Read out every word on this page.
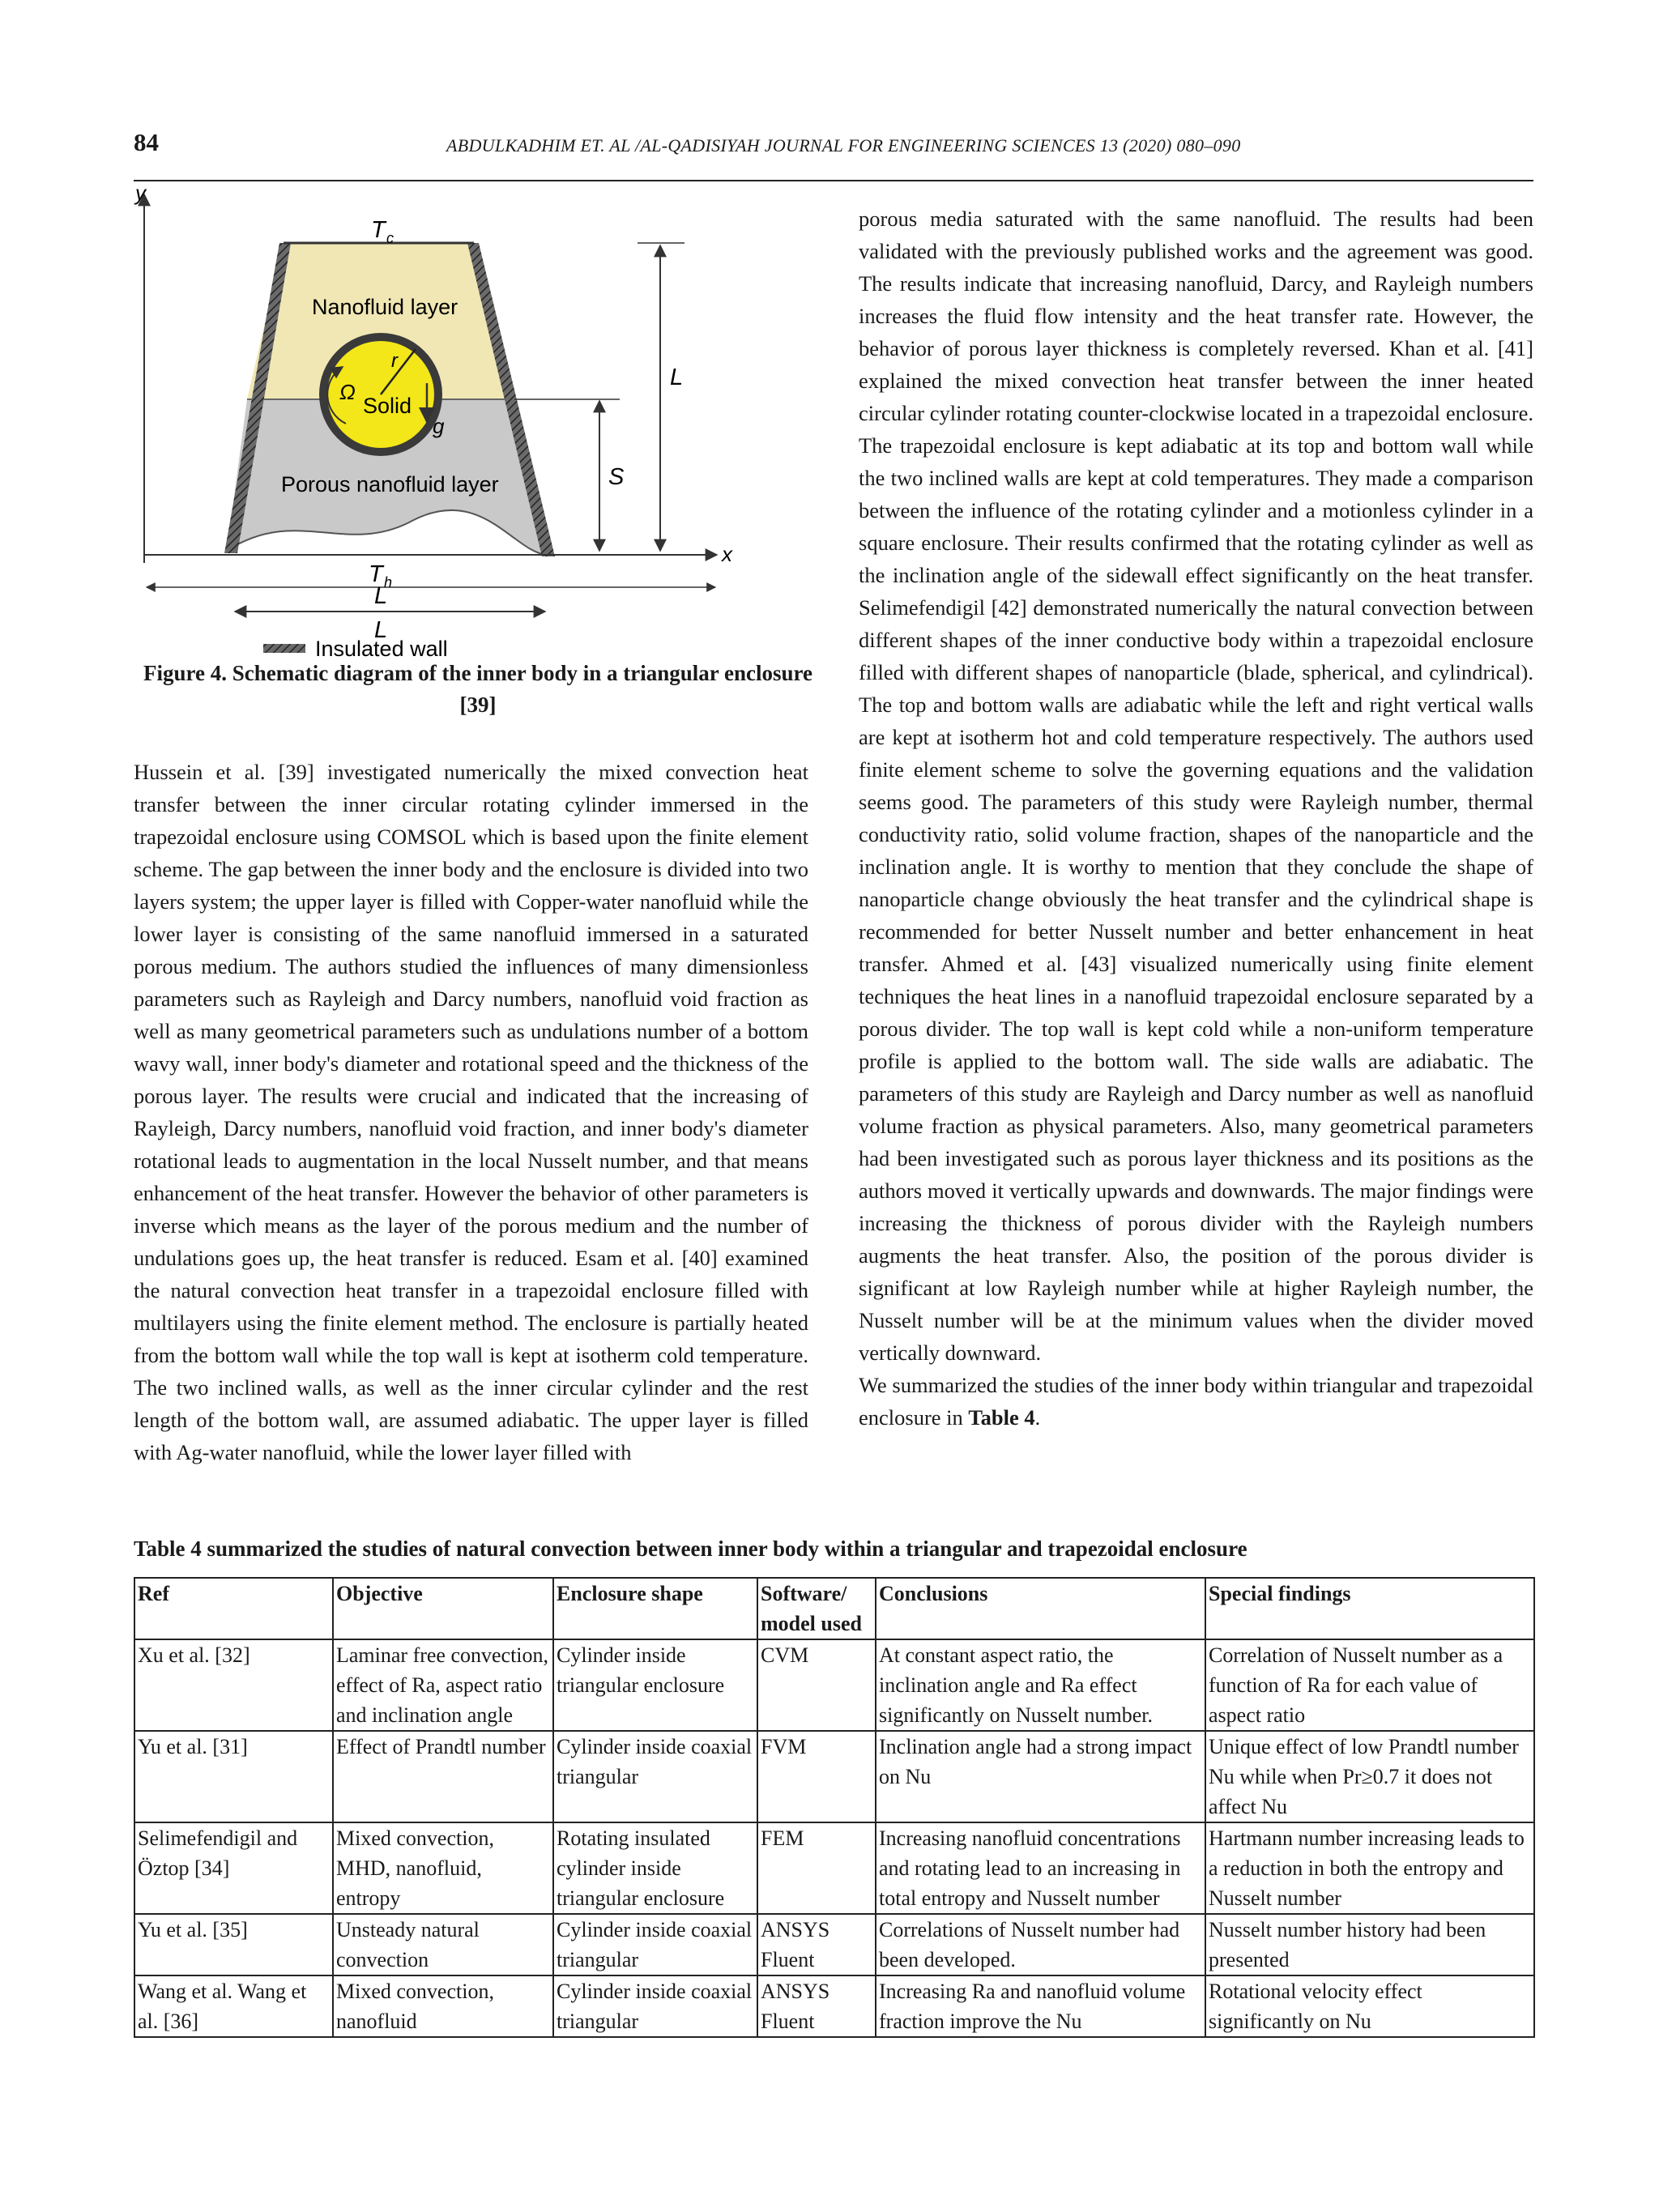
84	ABDULKADHIM ET. AL /AL-QADISIYAH JOURNAL FOR ENGINEERING SCIENCES 13 (2020) 080–090
y
x
T c
Nanofluid layer
Porous nanofluid layer
Solid
Ω
r
g
L
S
T h
L
L
Insulated wall
Figure 4. Schematic diagram of the inner body in a triangular enclosure [39]

Hussein et al. [39] investigated numerically the mixed convection heat transfer between the inner circular rotating cylinder immersed in the trapezoidal enclosure using COMSOL which is based upon the finite element scheme. The gap between the inner body and the enclosure is divided into two layers system; the upper layer is filled with Copper-water nanofluid while the lower layer is consisting of the same nanofluid immersed in a saturated porous medium. The authors studied the influences of many dimensionless parameters such as Rayleigh and Darcy numbers, nanofluid void fraction as well as many geometrical parameters such as undulations number of a bottom wavy wall, inner body's diameter and rotational speed and the thickness of the porous layer. The results were crucial and indicated that the increasing of Rayleigh, Darcy numbers, nanofluid void fraction, and inner body's diameter rotational leads to augmentation in the local Nusselt number, and that means enhancement of the heat transfer. However the behavior of other parameters is inverse which means as the layer of the porous medium and the number of undulations goes up, the heat transfer is reduced. Esam et al. [40] examined the natural convection heat transfer in a trapezoidal enclosure filled with multilayers using the finite element method. The enclosure is partially heated from the bottom wall while the top wall is kept at isotherm cold temperature. The two inclined walls, as well as the inner circular cylinder and the rest length of the bottom wall, are assumed adiabatic. The upper layer is filled with Ag-water nanofluid, while the lower layer filled with

porous media saturated with the same nanofluid. The results had been validated with the previously published works and the agreement was good. The results indicate that increasing nanofluid, Darcy, and Rayleigh numbers increases the fluid flow intensity and the heat transfer rate. However, the behavior of porous layer thickness is completely reversed. Khan et al. [41] explained the mixed convection heat transfer between the inner heated circular cylinder rotating counter-clockwise located in a trapezoidal enclosure. The trapezoidal enclosure is kept adiabatic at its top and bottom wall while the two inclined walls are kept at cold temperatures. They made a comparison between the influence of the rotating cylinder and a motionless cylinder in a square enclosure. Their results confirmed that the rotating cylinder as well as the inclination angle of the sidewall effect significantly on the heat transfer. Selimefendigil [42] demonstrated numerically the natural convection between different shapes of the inner conductive body within a trapezoidal enclosure filled with different shapes of nanoparticle (blade, spherical, and cylindrical). The top and bottom walls are adiabatic while the left and right vertical walls are kept at isotherm hot and cold temperature respectively. The authors used finite element scheme to solve the governing equations and the validation seems good. The parameters of this study were Rayleigh number, thermal conductivity ratio, solid volume fraction, shapes of the nanoparticle and the inclination angle. It is worthy to mention that they conclude the shape of nanoparticle change obviously the heat transfer and the cylindrical shape is recommended for better Nusselt number and better enhancement in heat transfer. Ahmed et al. [43] visualized numerically using finite element techniques the heat lines in a nanofluid trapezoidal enclosure separated by a porous divider. The top wall is kept cold while a non-uniform temperature profile is applied to the bottom wall. The side walls are adiabatic. The parameters of this study are Rayleigh and Darcy number as well as nanofluid volume fraction as physical parameters. Also, many geometrical parameters had been investigated such as porous layer thickness and its positions as the authors moved it vertically upwards and downwards. The major findings were increasing the thickness of porous divider with the Rayleigh numbers augments the heat transfer. Also, the position of the porous divider is significant at low Rayleigh number while at higher Rayleigh number, the Nusselt number will be at the minimum values when the divider moved vertically downward.

We summarized the studies of the inner body within triangular and trapezoidal enclosure in Table 4.

Table 4 summarized the studies of natural convection between inner body within a triangular and trapezoidal enclosure
Ref	Objective	Enclosure shape	Software/ model used	Conclusions	Special findings
Xu et al. [32]	Laminar free convection, effect of Ra, aspect ratio and inclination angle	Cylinder inside triangular enclosure	CVM	At constant aspect ratio, the inclination angle and Ra effect significantly on Nusselt number.	Correlation of Nusselt number as a function of Ra for each value of aspect ratio
Yu et al. [31]	Effect of Prandtl number	Cylinder inside coaxial triangular	FVM	Inclination angle had a strong impact on Nu	Unique effect of low Prandtl number Nu while when Pr≥0.7 it does not affect Nu
Selimefendigil and Öztop [34]	Mixed convection, MHD, nanofluid, entropy	Rotating insulated cylinder inside triangular enclosure	FEM	Increasing nanofluid concentrations and rotating lead to an increasing in total entropy and Nusselt number	Hartmann number increasing leads to a reduction in both the entropy and Nusselt number
Yu et al. [35]	Unsteady natural convection	Cylinder inside coaxial triangular	ANSYS Fluent	Correlations of Nusselt number had been developed.	Nusselt number history had been presented
Wang et al. Wang et al. [36]	Mixed convection, nanofluid	Cylinder inside coaxial triangular	ANSYS Fluent	Increasing Ra and nanofluid volume fraction improve the Nu	Rotational velocity effect significantly on Nu
